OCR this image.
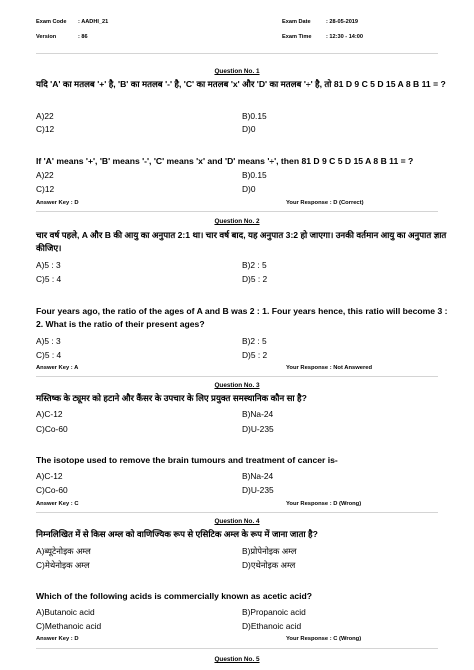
Exam Code : AADHI_21
Version	: 86
Exam Date	: 28-05-2019
Exam Time	: 12:30 - 14:00
Question No. 1
यदि 'A' का मतलब '+' है, 'B' का मतलब '-' है, 'C' का मतलब 'x' और 'D' का मतलब '÷' है, तो 81 D 9 C 5 D 15 A 8 B 11 = ?
A)22	B)0.15
C)12	D)0
If 'A' means '+', 'B' means '-', 'C' means 'x' and 'D' means '÷', then 81 D 9 C 5 D 15 A 8 B 11 = ?
A)22	B)0.15
C)12	D)0
Answer Key : D	Your Response : D (Correct)
Question No. 2
चार वर्ष पहले, A और B की आयु का अनुपात 2:1 था। चार वर्ष बाद, यह अनुपात 3:2 हो जाएगा। उनकी वर्तमान आयु का अनुपात ज्ञात कीजिए।
A)5 : 3	B)2 : 5
C)5 : 4	D)5 : 2
Four years ago, the ratio of the ages of A and B was 2 : 1. Four years hence, this ratio will become 3 : 2. What is the ratio of their present ages?
A)5 : 3	B)2 : 5
C)5 : 4	D)5 : 2
Answer Key : A	Your Response : Not Answered
Question No. 3
मस्तिष्क के ट्यूमर को हटाने और कैंसर के उपचार के लिए प्रयुक्त समस्थानिक कौन सा है?
A)C-12	B)Na-24
C)Co-60	D)U-235
The isotope used to remove the brain tumours and treatment of cancer is-
A)C-12	B)Na-24
C)Co-60	D)U-235
Answer Key : C	Your Response : D (Wrong)
Question No. 4
निम्नलिखित में से किस अम्ल को वाणिज्यिक रूप से एसिटिक अम्ल के रूप में जाना जाता है?
A)ब्यूटेनोइक अम्ल	B)प्रोपेनोइक अम्ल
C)मेथेनोइक अम्ल	D)एथेनोइक अम्ल
Which of the following acids is commercially known as acetic acid?
A)Butanoic acid	B)Propanoic acid
C)Methanoic acid	D)Ethanoic acid
Answer Key : D	Your Response : C (Wrong)
Question No. 5
